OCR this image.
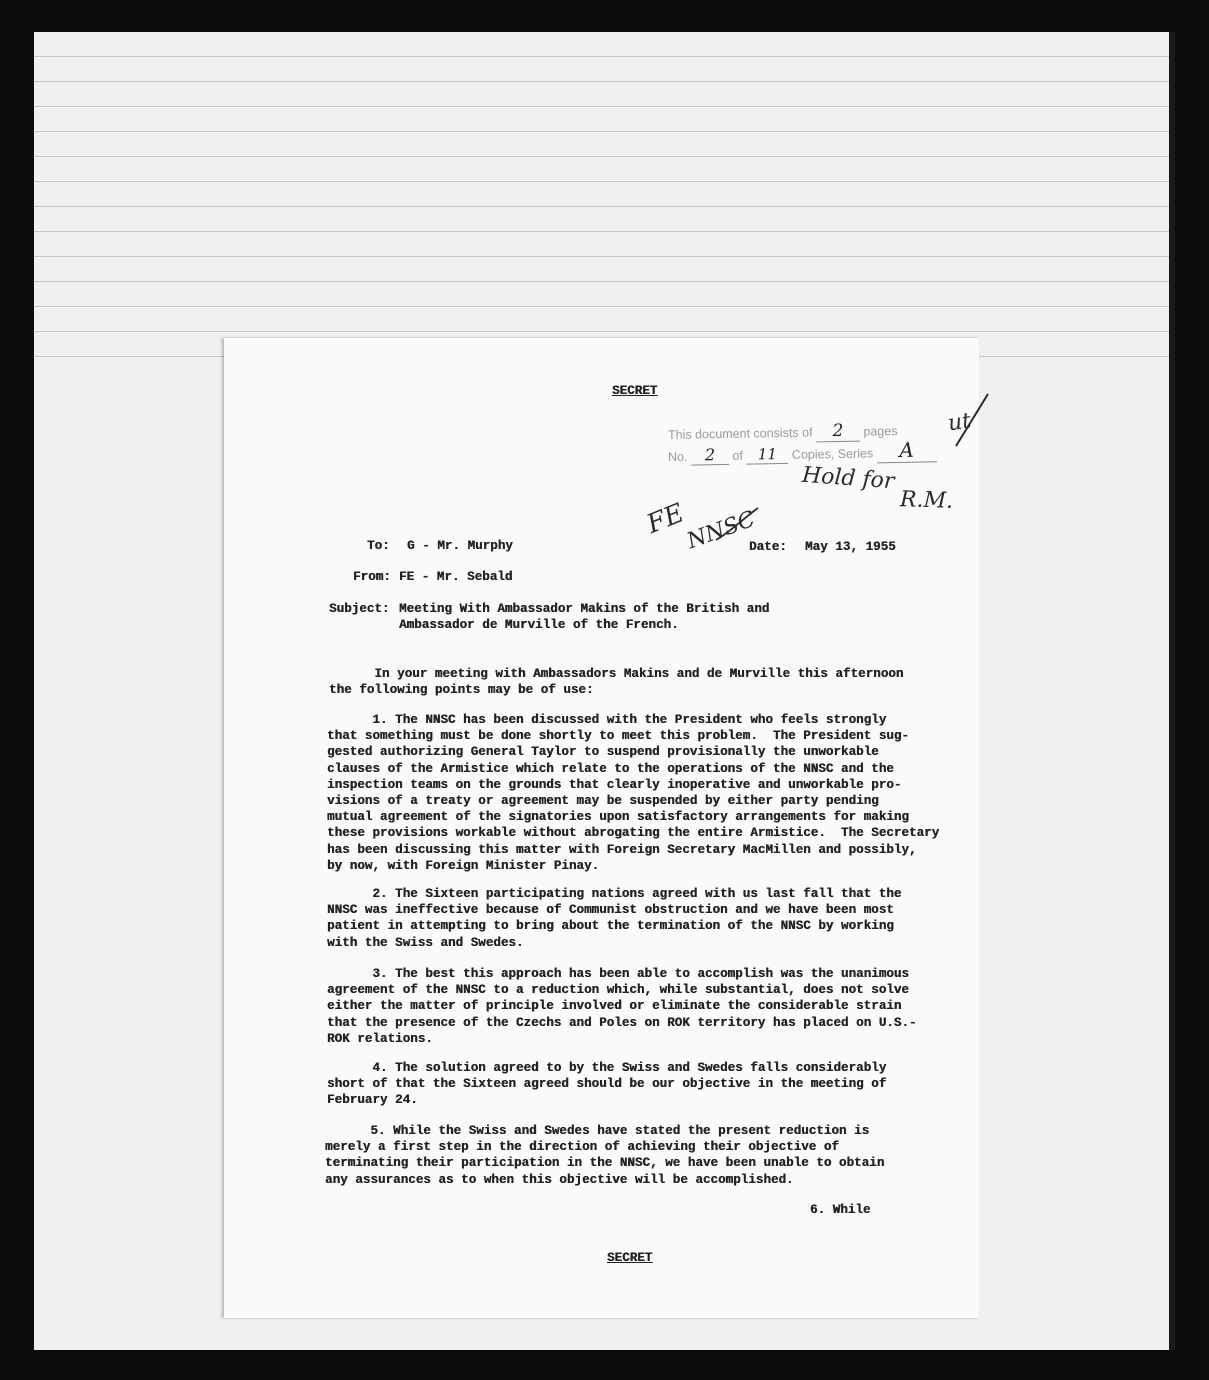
SECRET
This document consists of 2 pages
No. 2 of 11 Copies, Series A
ut
Hold for
R.M.
FE
NNSC
To: G - Mr. Murphy	Date: May 13, 1955
From: FE - Mr. Sebald
Subject: Meeting With Ambassador Makins of the British and
Ambassador de Murville of the French.
In your meeting with Ambassadors Makins and de Murville this afternoon
the following points may be of use:
1. The NNSC has been discussed with the President who feels strongly
that something must be done shortly to meet this problem.  The President sug-
gested authorizing General Taylor to suspend provisionally the unworkable
clauses of the Armistice which relate to the operations of the NNSC and the
inspection teams on the grounds that clearly inoperative and unworkable pro-
visions of a treaty or agreement may be suspended by either party pending
mutual agreement of the signatories upon satisfactory arrangements for making
these provisions workable without abrogating the entire Armistice.  The Secretary
has been discussing this matter with Foreign Secretary MacMillen and possibly,
by now, with Foreign Minister Pinay.
2. The Sixteen participating nations agreed with us last fall that the
NNSC was ineffective because of Communist obstruction and we have been most
patient in attempting to bring about the termination of the NNSC by working
with the Swiss and Swedes.
3. The best this approach has been able to accomplish was the unanimous
agreement of the NNSC to a reduction which, while substantial, does not solve
either the matter of principle involved or eliminate the considerable strain
that the presence of the Czechs and Poles on ROK territory has placed on U.S.-
ROK relations.
4. The solution agreed to by the Swiss and Swedes falls considerably
short of that the Sixteen agreed should be our objective in the meeting of
February 24.
5. While the Swiss and Swedes have stated the present reduction is
merely a first step in the direction of achieving their objective of
terminating their participation in the NNSC, we have been unable to obtain
any assurances as to when this objective will be accomplished.
6. While
SECRET
